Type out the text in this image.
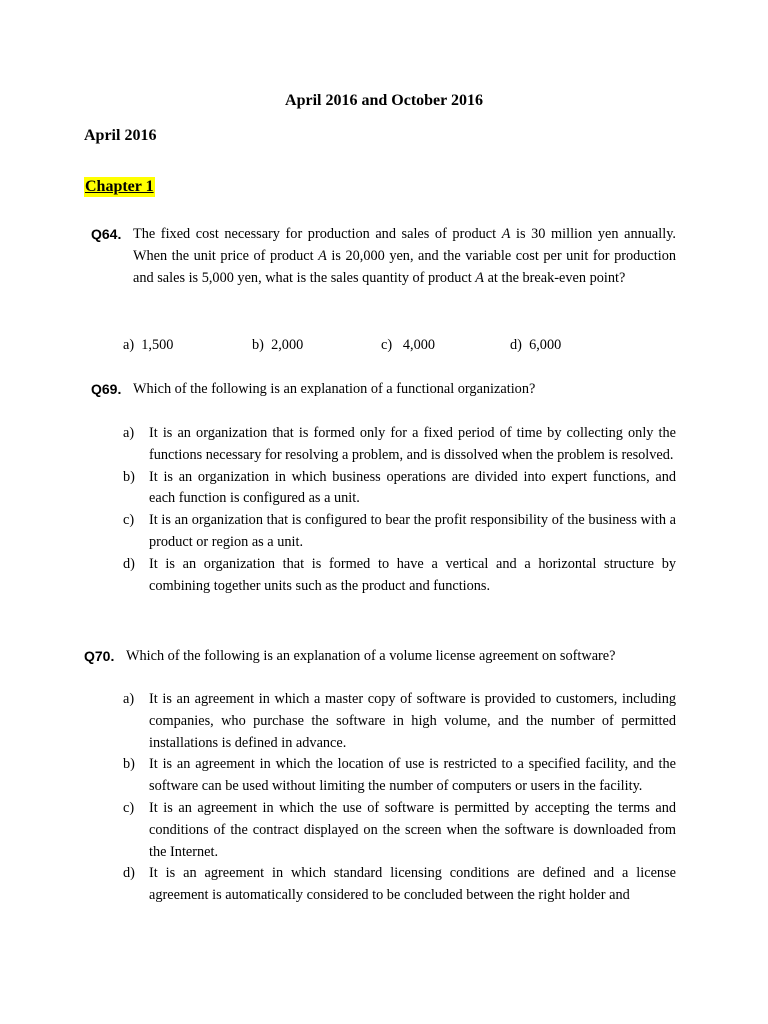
April 2016 and October 2016
April 2016
Chapter 1
Q64. The fixed cost necessary for production and sales of product A is 30 million yen annually. When the unit price of product A is 20,000 yen, and the variable cost per unit for production and sales is 5,000 yen, what is the sales quantity of product A at the break-even point?
a) 1,500	b) 2,000	c) 4,000	d) 6,000
Q69. Which of the following is an explanation of a functional organization?
a) It is an organization that is formed only for a fixed period of time by collecting only the functions necessary for resolving a problem, and is dissolved when the problem is resolved.
b) It is an organization in which business operations are divided into expert functions, and each function is configured as a unit.
c) It is an organization that is configured to bear the profit responsibility of the business with a product or region as a unit.
d) It is an organization that is formed to have a vertical and a horizontal structure by combining together units such as the product and functions.
Q70. Which of the following is an explanation of a volume license agreement on software?
a) It is an agreement in which a master copy of software is provided to customers, including companies, who purchase the software in high volume, and the number of permitted installations is defined in advance.
b) It is an agreement in which the location of use is restricted to a specified facility, and the software can be used without limiting the number of computers or users in the facility.
c) It is an agreement in which the use of software is permitted by accepting the terms and conditions of the contract displayed on the screen when the software is downloaded from the Internet.
d) It is an agreement in which standard licensing conditions are defined and a license agreement is automatically considered to be concluded between the right holder and
